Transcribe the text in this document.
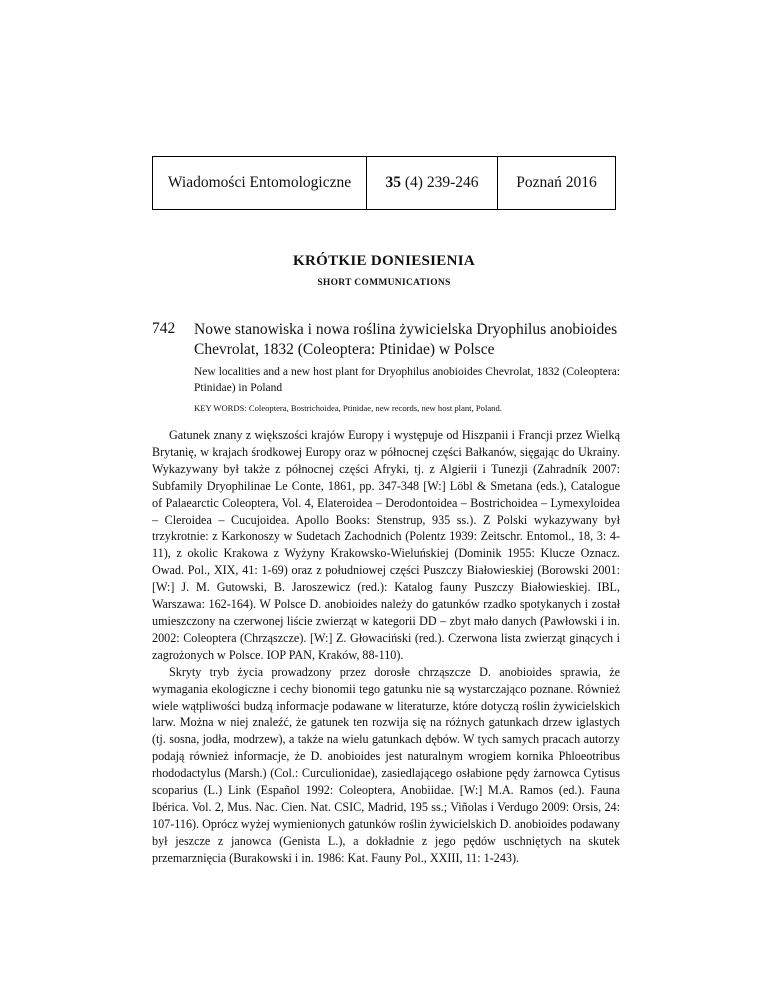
Wiadomości Entomologiczne	35
(4) 239-246	Poznań 2016
KRÓTKIE DONIESIENIA
SHORT COMMUNICATIONS
742 Nowe stanowiska i nowa roślina żywicielska Dryophilus anobioides Chevrolat, 1832 (Coleoptera: Ptinidae) w Polsce
New localities and a new host plant for Dryophilus anobioides Chevrolat, 1832 (Coleoptera: Ptinidae) in Poland
KEY WORDS: Coleoptera, Bostrichoidea, Ptinidae, new records, new host plant, Poland.

Gatunek znany z większości krajów Europy i występuje od Hiszpanii i Francji przez Wielką Brytanię, w krajach środkowej Europy oraz w północnej części Bałkanów, sięgając do Ukrainy. Wykazywany był także z północnej części Afryki, tj. z Algierii i Tunezji (Zahradník 2007: Subfamily Dryophilinae Le Conte, 1861, pp. 347-348 [W:] Löbl & Smetana (eds.), Catalogue of Palaearctic Coleoptera, Vol. 4, Elateroidea – Derodontoidea – Bostrichoidea – Lymexyloidea – Cleroidea – Cucujoidea. Apollo Books: Stenstrup, 935 ss.). Z Polski wykazywany był trzykrotnie: z Karkonoszy w Sudetach Zachodnich (Polentz 1939: Zeitschr. Entomol., 18, 3: 4-11), z okolic Krakowa z Wyżyny Krakowsko-Wieluńskiej (Dominik 1955: Klucze Oznacz. Owad. Pol., XIX, 41: 1-69) oraz z południowej części Puszczy Białowieskiej (Borowski 2001: [W:] J. M. Gutowski, B. Jaroszewicz (red.): Katalog fauny Puszczy Białowieskiej. IBL, Warszawa: 162-164). W Polsce D. anobioides należy do gatunków rzadko spotykanych i został umieszczony na czerwonej liście zwierząt w kategorii DD – zbyt mało danych (Pawłowski i in. 2002: Coleoptera (Chrząszcze). [W:] Z. Głowaciński (red.). Czerwona lista zwierząt ginących i zagrożonych w Polsce. IOP PAN, Kraków, 88-110).

Skryty tryb życia prowadzony przez dorosłe chrząszcze D. anobioides sprawia, że wymagania ekologiczne i cechy bionomii tego gatunku nie są wystarczająco poznane. Również wiele wątpliwości budzą informacje podawane w literaturze, które dotyczą roślin żywicielskich larw. Można w niej znaleźć, że gatunek ten rozwija się na różnych gatunkach drzew iglastych (tj. sosna, jodła, modrzew), a także na wielu gatunkach dębów. W tych samych pracach autorzy podają również informacje, że D. anobioides jest naturalnym wrogiem kornika Phloeotribus rhododactylus (Marsh.) (Col.: Curculionidae), zasiedlającego osłabione pędy żarnowca Cytisus scoparius (L.) Link (Español 1992: Coleoptera, Anobiidae. [W:] M.A. Ramos (ed.). Fauna Ibérica. Vol. 2, Mus. Nac. Cien. Nat. CSIC, Madrid, 195 ss.; Viñolas i Verdugo 2009: Orsis, 24: 107-116). Oprócz wyżej wymienionych gatunków roślin żywicielskich D. anobioides podawany był jeszcze z janowca (Genista L.), a dokładnie z jego pędów uschniętych na skutek przemarznięcia (Burakowski i in. 1986: Kat. Fauny Pol., XXIII, 11: 1-243).
